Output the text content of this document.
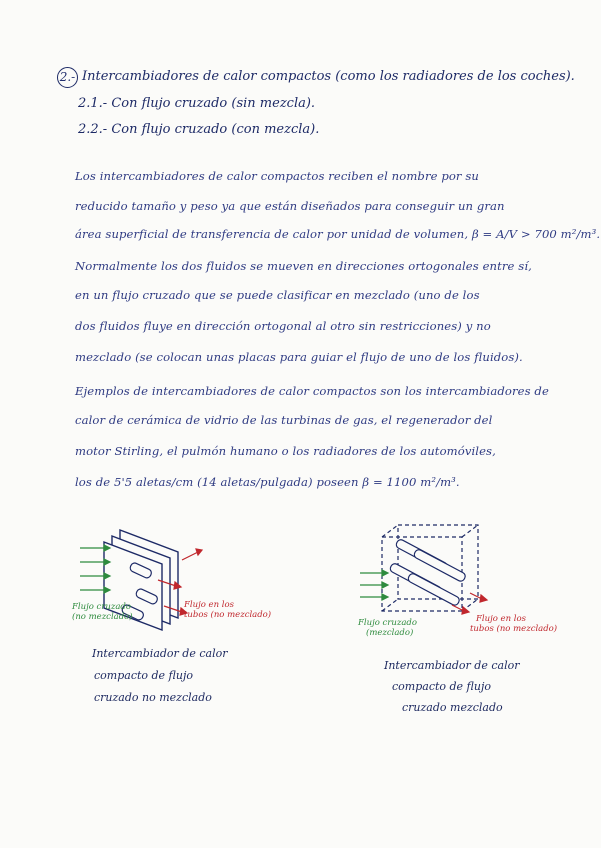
2.- Intercambiadores de calor compactos (como los radiadores de los coches).
2.1.- Con flujo cruzado (sin mezcla).
2.2.- Con flujo cruzado (con mezcla).
Los intercambiadores de calor compactos reciben el nombre por su
reducido tamaño y peso ya que están diseñados para conseguir un gran
área superficial de transferencia de calor por unidad de volumen, β = A/V > 700 m²/m³.
Normalmente los dos fluidos se mueven en direcciones ortogonales entre sí,
en un flujo cruzado que se puede clasificar en mezclado (uno de los
dos fluidos fluye en dirección ortogonal al otro sin restricciones) y no
mezclado (se colocan unas placas para guiar el flujo de uno de los fluidos).
Ejemplos de intercambiadores de calor compactos son los intercambiadores de
calor de cerámica de vidrio de las turbinas de gas, el regenerador del
motor Stirling, el pulmón humano o los radiadores de los automóviles,
los de 5'5 aletas/cm (14 aletas/pulgada) poseen β = 1100 m²/m³.
Flujo cruzado
(no mezclado)
Flujo en los
tubos (no mezclado)
Intercambiador de calor
compacto de flujo
cruzado no mezclado
Flujo cruzado
(mezclado)
Flujo en los
tubos (no mezclado)
Intercambiador de calor
compacto de flujo
cruzado mezclado
